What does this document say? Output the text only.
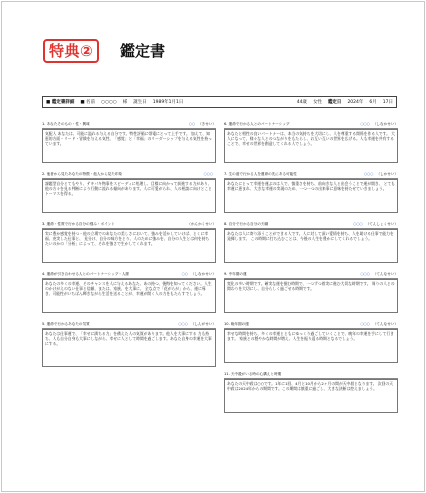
特典②	鑑定書
■ 鑑定書詳細 ■ 名前 ○○○○ 様 誕生日 1989年1月1日	44歳 女性 鑑定日 2024年 6月 17日
1. あなたそのもの・性・興味	○○ （きせい）

気配人 あなたは、可能に溢れる与える自分です。特性評価に帯電にとって上手です。 加えて、知恵的方面・リード・冒険を与える気性、「感覚」と「幸福」のリーダーシップを与える気性を持っています。

2. 他者から見たあなたの特徴・他人から見た印象	○○○

課題型自分とてもやり、テキパキ物事をスピーディに処理し、目標に向かって前進する力があり、 他の方々を見る判断により行動に流れる傾向があります。人に可愛がられ、人の相談に向けとことトーマスを得る。

3. 運命・性質で行かる自分の強み・ポイント	（かんかくせい）

実に豊か感覚を持つ・他の立場でのあなたの美しさにおいて、強みを活かしていけば、とくに幸福、充実した仕事と、 見分け、自分の味方をとり、人のために強みを、自分の人生とは何を持ちたいのかの「分析」によって、それを強さで生かしてくれます。

4. 運命が引き合わせる人とのパートナーシップ・人脈	○○ （しなかせい）

あなたの多くの幸運、そのチャンスを人に与えるあなた、あの持つ、後悔を知ってください。人生のかけがえのない仕事と信頼、または、家族、を大事に、 全な点で「花がらが」から、運に導き、可能性がいちばん輝きながら生活を送ることが、幸運が開く人の力をもたらすでしょう。

5. 運命で行かるあなたの気質	○○○ （しんがせい）

あなたは仕事運で、「幸せに満ちる力」を備えた人の気質があります。他人を大事にする 力も持ち、人も自分自身も大事にしながら、幸せに人として時間を過ごします。あなた自身の幸運を大事にする。

6. 運命で行かる人とのパートナーシップ	○○○ （しなかせい）

あなたと相性の良いパートナーは、本当の気持ちを大切にし、人を尊重する関係を作る人です。 大人になって、様々な人とのつながりをもたらし、お互い互いの世界を広げる。人も幸運を共有することで、幸せの世界を創造してくれる人でしょう。

7. 生の道で行かる人を運命の先にある可能性	○○○ （しかせい）

あなたにとって幸運を運ぶのは人で、慎重さを持ち、前向きな人と出会うことで運が開き、 とても幸運に恵まれ、大きな幸運の実現のため、一つ一つの出来事に意味を持たせていきましょう。

8. 自分で行かる自分の天職	○○○ （てんしょくせい）

あなたは人に寄り添うことができる人です。人に対して深い愛情を持ち、人を助ける仕事で能力を発揮します。 この時期に打ち込むことは、今後の人生を豊かにしてくれるでしょう。

9. 中年期の運	○○○ （てんなせい）

変化の多い時期です。確実な運を掴む時期で、一つずつ着実に進む大切な時期です。 周りの人との関わりを大切にし、自分らしく過ごせる時期です。

10. 晩年期の運	○○○ （てんなせい）

幸せな時間を持ち、多くの幸運とともにゆっくり過ごしていくことで、晩年の幸運を手にして行きます。 家族との穏やかな時間が増え、人生を振り返る時期となるでしょう。

11. 天中殺がいる時の心構えと時期

あなたの天中殺は○○です。1年に1回、4月と10月から2ヶ月の間が天中殺となります。 次回の天中殺は2024年からの期間です。この期間は慎重に過ごし、大きな決断は控えましょう。
